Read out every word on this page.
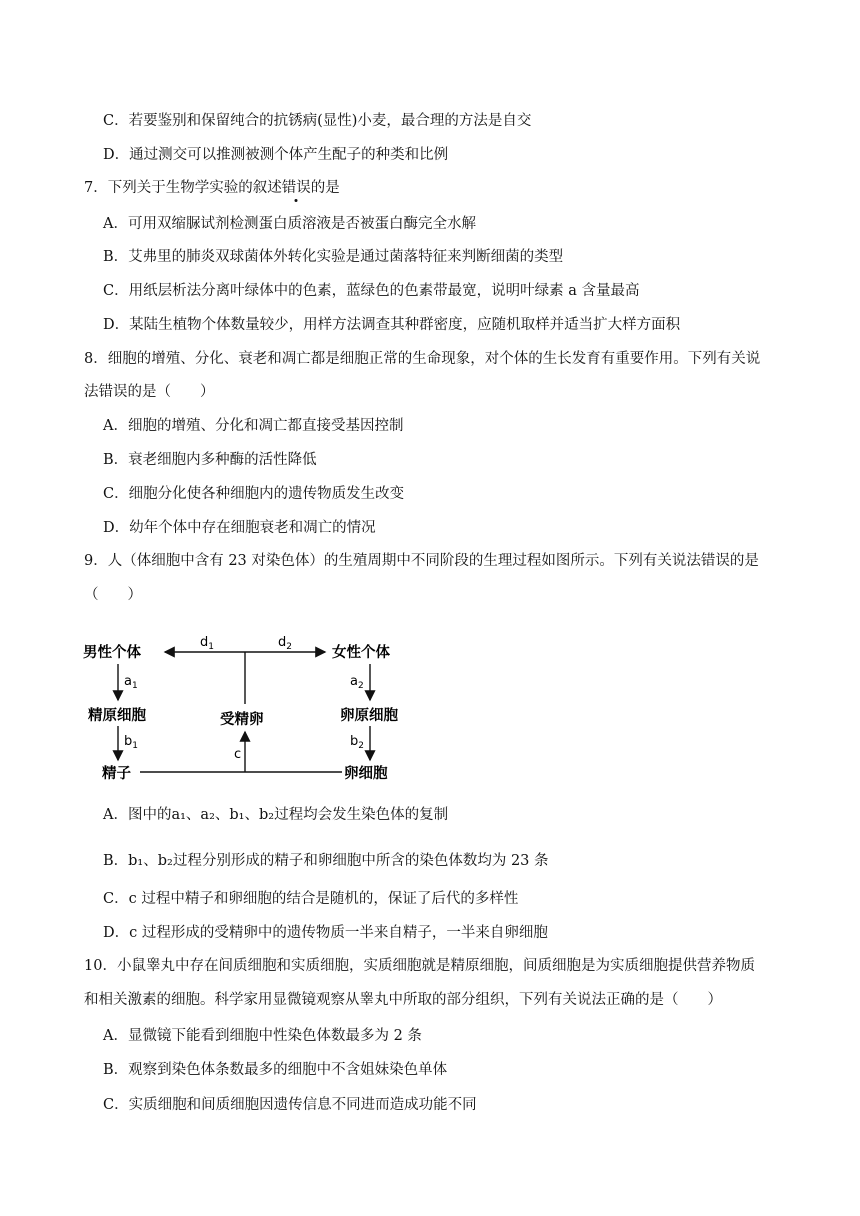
C．若要鉴别和保留纯合的抗锈病(显性)小麦，最合理的方法是自交
D．通过测交可以推测被测个体产生配子的种类和比例
7．下列关于生物学实验的叙述错误的是
A．可用双缩脲试剂检测蛋白质溶液是否被蛋白酶完全水解
B．艾弗里的肺炎双球菌体外转化实验是通过菌落特征来判断细菌的类型
C．用纸层析法分离叶绿体中的色素，蓝绿色的色素带最宽，说明叶绿素 a 含量最高
D．某陆生植物个体数量较少，用样方法调查其种群密度，应随机取样并适当扩大样方面积
8．细胞的增殖、分化、衰老和凋亡都是细胞正常的生命现象，对个体的生长发育有重要作用。下列有关说
法错误的是（　　）
A．细胞的增殖、分化和凋亡都直接受基因控制
B．衰老细胞内多种酶的活性降低
C．细胞分化使各种细胞内的遗传物质发生改变
D．幼年个体中存在细胞衰老和凋亡的情况
9．人（体细胞中含有 23 对染色体）的生殖周期中不同阶段的生理过程如图所示。下列有关说法错误的是
（　　）
男性个体	女性个体
精原细胞	受精卵	卵原细胞
精子	卵细胞
$d_1$	$d_2$
$a_1$
$b_1$
$a_2$
$b_2$
c
A．图中的a₁、a₂、b₁、b₂过程均会发生染色体的复制
B．b₁、b₂过程分别形成的精子和卵细胞中所含的染色体数均为 23 条
C．c 过程中精子和卵细胞的结合是随机的，保证了后代的多样性
D．c 过程形成的受精卵中的遗传物质一半来自精子，一半来自卵细胞
10．小鼠睾丸中存在间质细胞和实质细胞，实质细胞就是精原细胞，间质细胞是为实质细胞提供营养物质
和相关激素的细胞。科学家用显微镜观察从睾丸中所取的部分组织，下列有关说法正确的是（　　）
A．显微镜下能看到细胞中性染色体数最多为 2 条
B．观察到染色体条数最多的细胞中不含姐妹染色单体
C．实质细胞和间质细胞因遗传信息不同进而造成功能不同
